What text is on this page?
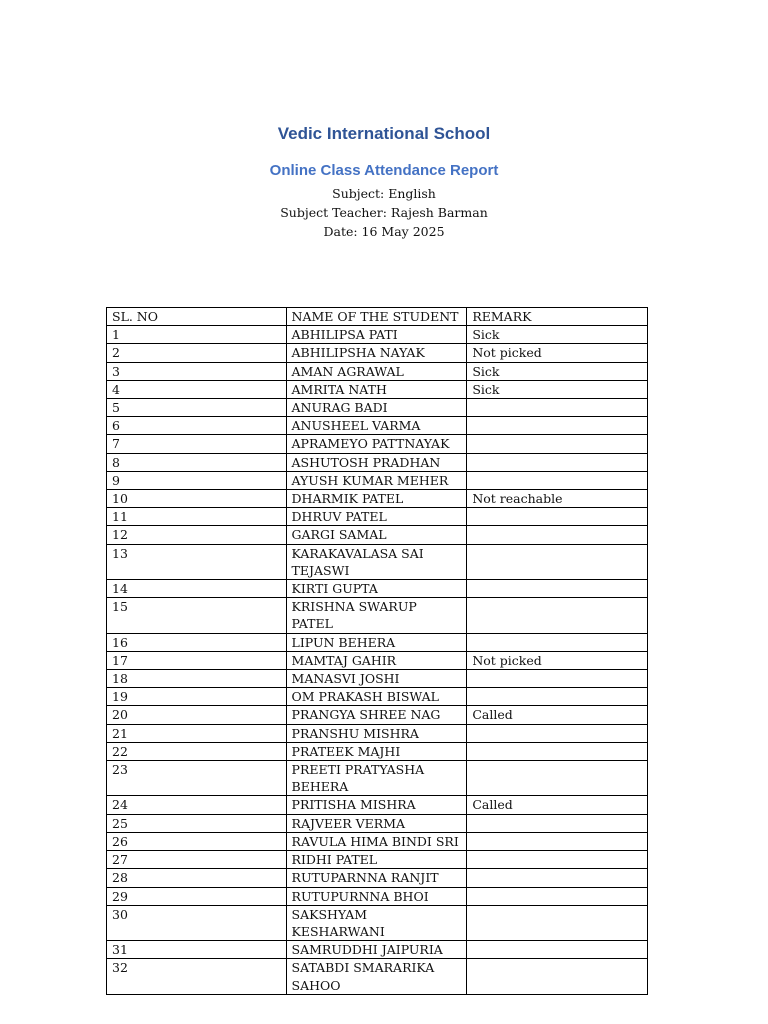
Vedic International School
Online Class Attendance Report

Subject: English

Subject Teacher: Rajesh Barman

Date: 16 May 2025

SL. NO	NAME OF THE STUDENT	REMARK
1	ABHILIPSA PATI	Sick
2	ABHILIPSHA NAYAK	Not picked
3	AMAN AGRAWAL	Sick
4	AMRITA NATH	Sick
5	ANURAG BADI	
6	ANUSHEEL VARMA	
7	APRAMEYO PATTNAYAK	
8	ASHUTOSH PRADHAN	
9	AYUSH KUMAR MEHER	
10	DHARMIK PATEL	Not reachable
11	DHRUV PATEL	
12	GARGI SAMAL	
13	KARAKAVALASA SAI TEJASWI	
14	KIRTI GUPTA	
15	KRISHNA SWARUP PATEL	
16	LIPUN BEHERA	
17	MAMTAJ GAHIR	Not picked
18	MANASVI JOSHI	
19	OM PRAKASH BISWAL	
20	PRANGYA SHREE NAG	Called
21	PRANSHU MISHRA	
22	PRATEEK MAJHI	
23	PREETI PRATYASHA BEHERA	
24	PRITISHA MISHRA	Called
25	RAJVEER VERMA	
26	RAVULA HIMA BINDI SRI	
27	RIDHI PATEL	
28	RUTUPARNNA RANJIT	
29	RUTUPURNNA BHOI	
30	SAKSHYAM KESHARWANI	
31	SAMRUDDHI JAIPURIA	
32	SATABDI SMARARIKA SAHOO	
